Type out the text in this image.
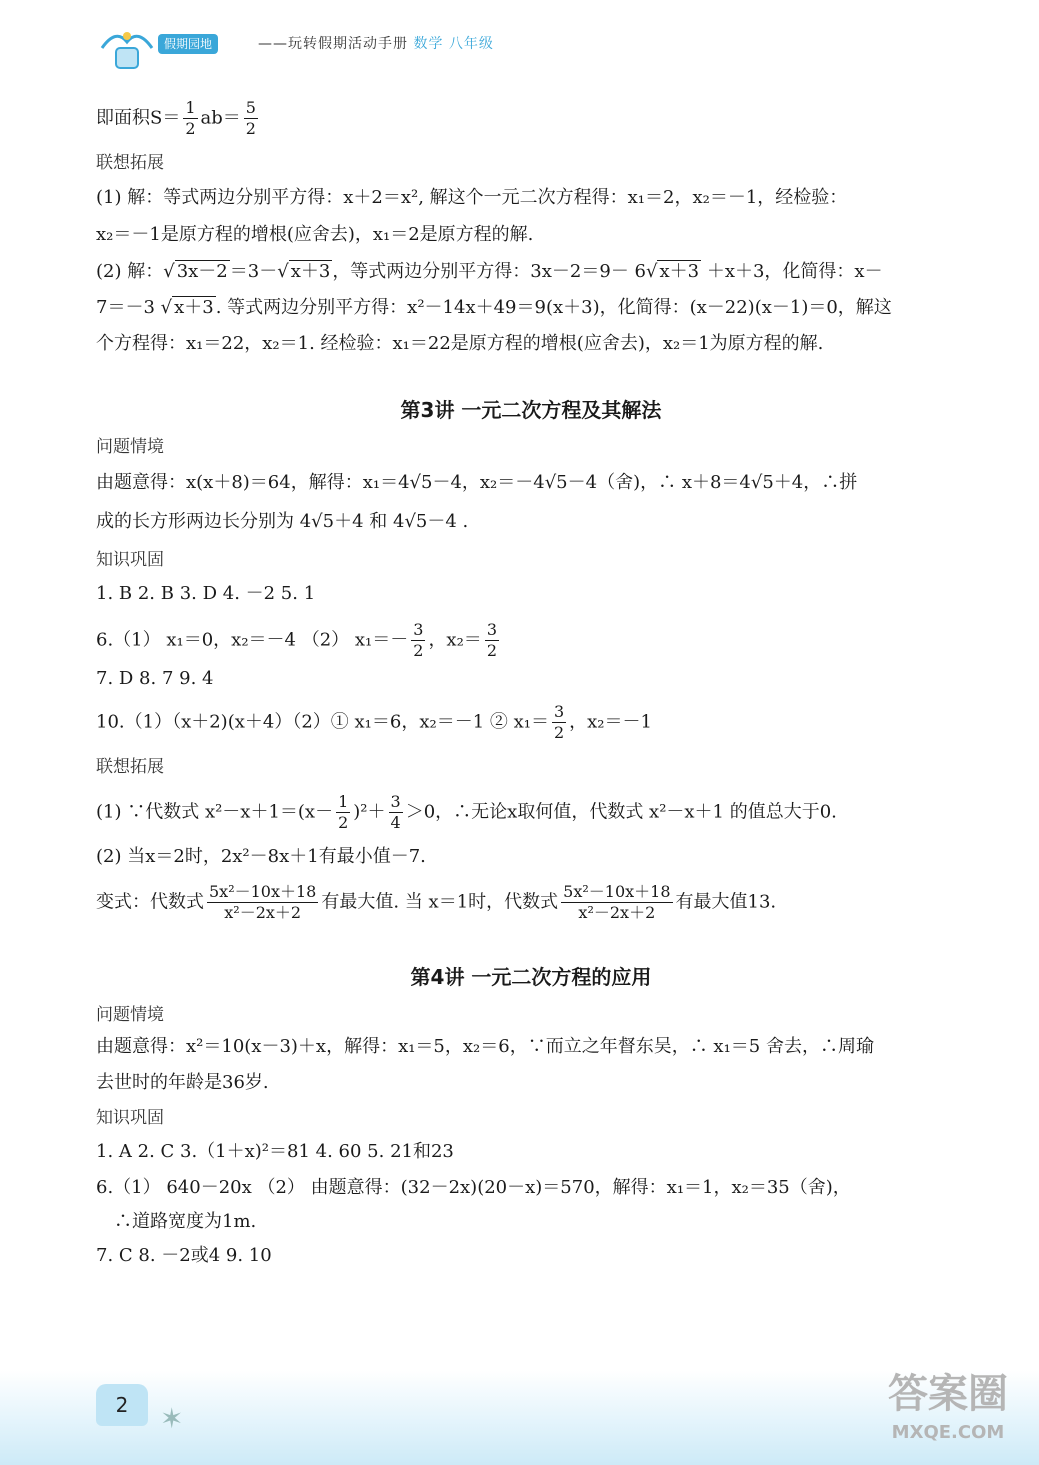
假期园地	——玩转假期活动手册 数学 八年级
即面积$S= \frac{1}{2} ab= \frac{5}{2}$
联想拓展
(1) 解：等式两边分别平方得：x＋2＝x², 解这个一元二次方程得：x₁＝2，x₂＝－1，经检验：
x₂＝－1是原方程的增根(应舍去)，x₁＝2是原方程的解.
(2) 解：√ 3x－2 ＝3－√ x＋3 ，等式两边分别平方得：3x－2＝9－ 6√ x＋3 ＋x＋3，化简得：x－
7＝－3 √ x＋3 . 等式两边分别平方得：x²－14x＋49＝9(x＋3)，化简得：(x－22)(x－1)＝0，解这
个方程得：x₁＝22，x₂＝1. 经检验：x₁＝22是原方程的增根(应舍去)，x₂＝1为原方程的解.
第3讲 一元二次方程及其解法
问题情境
由题意得：x(x＋8)＝64，解得：x₁＝4√5－4，x₂＝－4√5－4（舍)，∴ x＋8＝4√5＋4，∴拼
成的长方形两边长分别为 4√5＋4 和 4√5－4 .
知识巩固
1. B 2. B 3. D 4. －2 5. 1
6.（1） x₁＝0，x₂＝－4 （2） $x_1=- \frac{3}{2}$ ，$x_2= \frac{3}{2}$
7. D 8. 7 9. 4
10.（1）（x＋2)(x＋4）（2）① x₁＝6，x₂＝－1 ② $x_1= \frac{3}{2}$ ，x₂＝－1
联想拓展
(1) ∵代数式 $x^2-x+1=(x- \frac{1}{2} )^2+ \frac{3}{4} >0$，∴无论x取何值，代数式 x²－x＋1 的值总大于0.
(2) 当x＝2时，2x²－8x＋1有最小值－7.
变式：代数式 $\frac{\text{5x²－10x＋18}}{\text{x²－2x＋2}}$ 有最大值. 当 x＝1时，代数式 $\frac{\text{5x²－10x＋18}}{\text{x²－2x＋2}}$ 有最大值13.
第4讲 一元二次方程的应用
问题情境
由题意得：x²＝10(x－3)＋x，解得：x₁＝5，x₂＝6，∵而立之年督东吴，∴ x₁＝5 舍去，∴周瑜
去世时的年龄是36岁.
知识巩固
1. A 2. C 3.（1＋x)²＝81 4. 60 5. 21和23
6.（1） 640－20x （2） 由题意得：(32－2x)(20－x)＝570，解得：x₁＝1，x₂＝35（舍)，
∴道路宽度为1m.
7. C 8. －2或4 9. 10
2	✶
答案圈
MXQE.COM
